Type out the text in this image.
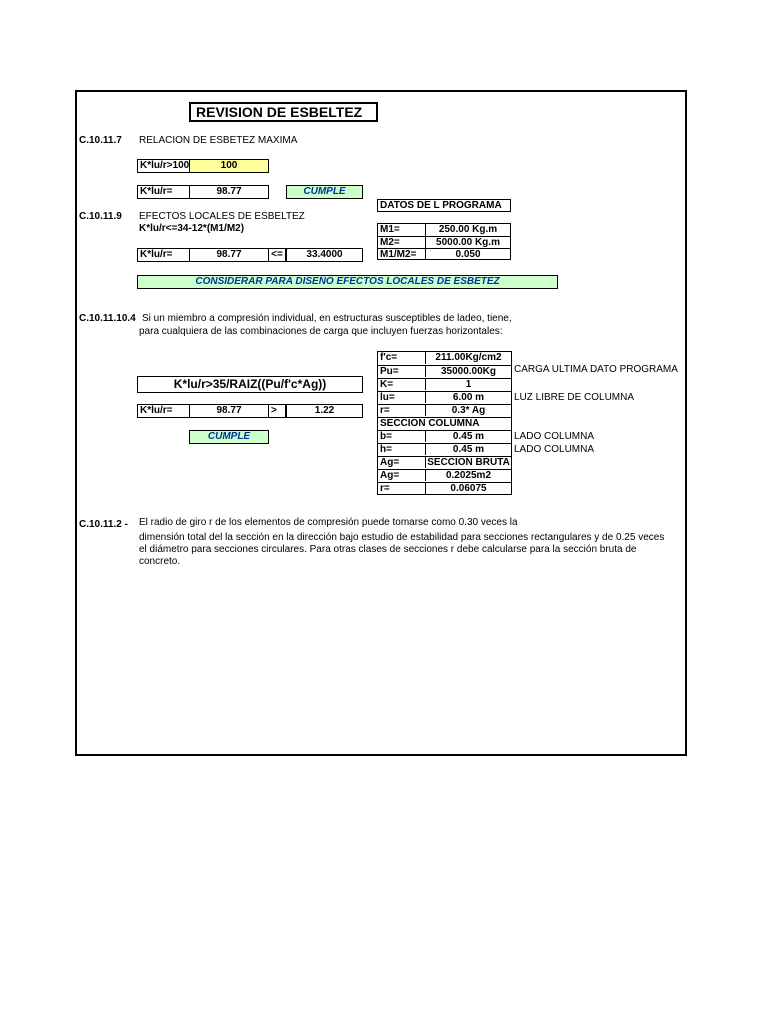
REVISION DE ESBELTEZ
C.10.11.7 RELACION DE ESBETEZ MAXIMA
K*lu/r>100	100
K*lu/r=	98.77	CUMPLE
DATOS DE L PROGRAMA
M1=	250.00 Kg.m
M2=	5000.00 Kg.m
M1/M2=	0.050
C.10.11.9 EFECTOS LOCALES DE ESBELTEZ
K*lu/r<=34-12*(M1/M2)
K*lu/r=	98.77	<=	33.4000
CONSIDERAR PARA DISEÑO EFECTOS LOCALES DE ESBETEZ
C.10.11.10.4 Si un miembro a compresión individual, en estructuras susceptibles de ladeo, tiene,
para cualquiera de las combinaciones de carga que incluyen fuerzas horizontales:
K*lu/r>35/RAIZ((Pu/f'c*Ag))
K*lu/r=	98.77	>	1.22
CUMPLE
f'c=	211.00Kg/cm2
Pu=	35000.00Kg
K=	1
lu=	6.00 m
r=	0.3* Ag
SECCION COLUMNA
b=	0.45 m
h=	0.45 m
Ag=	SECCION BRUTA
Ag=	0.2025m2
r=	0.06075
CARGA ULTIMA DATO PROGRAMA
LUZ LIBRE DE COLUMNA
LADO COLUMNA
LADO COLUMNA
C.10.11.2 - El radio de giro r de los elementos de compresión puede tomarse como 0.30 veces la
dimensión total del la sección en la dirección bajo estudio de estabilidad para secciones rectangulares y de 0.25 veces
el diámetro para secciones circulares. Para otras clases de secciones r debe calcularse para la sección bruta de
concreto.
